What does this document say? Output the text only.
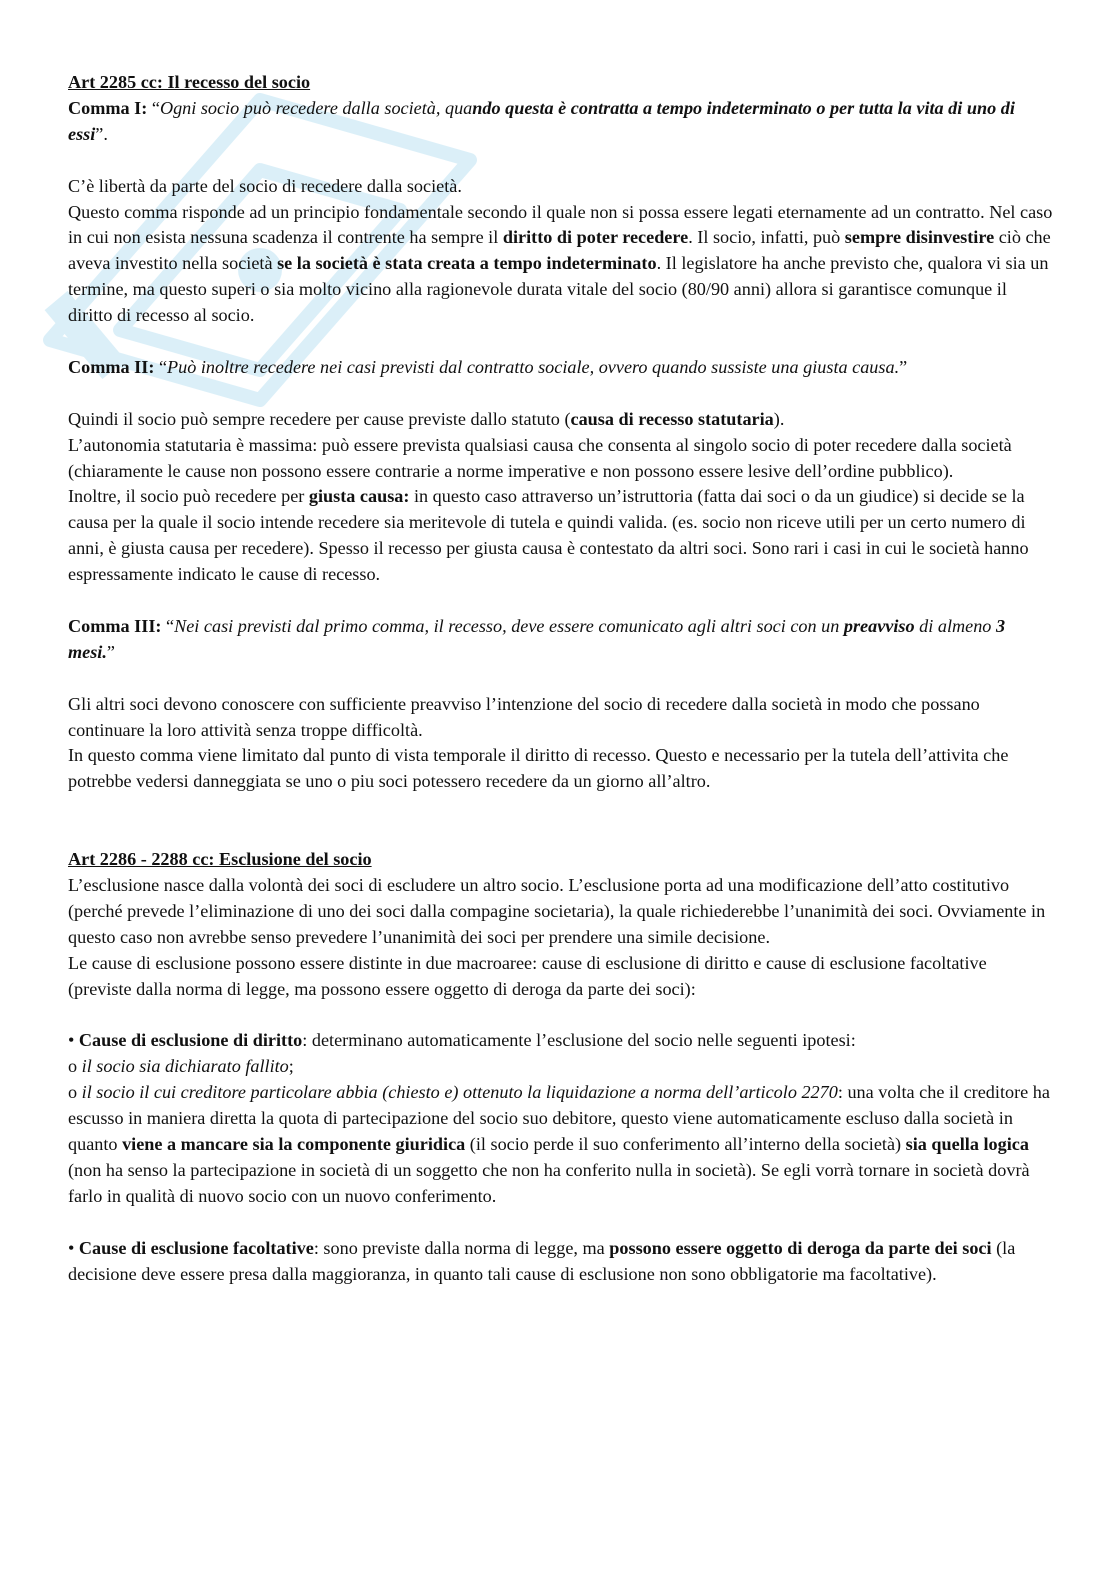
Art 2285 cc: Il recesso del socio

Comma I: “Ogni socio può recedere dalla società, quando questa è contratta a tempo indeterminato o per tutta la vita di uno di essi”.

C’è libertà da parte del socio di recedere dalla società.

Questo comma risponde ad un principio fondamentale secondo il quale non si possa essere legati eternamente ad un contratto. Nel caso in cui non esista nessuna scadenza il contrente ha sempre il diritto di poter recedere. Il socio, infatti, può sempre disinvestire ciò che aveva investito nella società se la società è stata creata a tempo indeterminato. Il legislatore ha anche previsto che, qualora vi sia un termine, ma questo superi o sia molto vicino alla ragionevole durata vitale del socio (80/90 anni) allora si garantisce comunque il diritto di recesso al socio.

Comma II: “Può inoltre recedere nei casi previsti dal contratto sociale, ovvero quando sussiste una giusta causa.”

Quindi il socio può sempre recedere per cause previste dallo statuto (causa di recesso statutaria).

L’autonomia statutaria è massima: può essere prevista qualsiasi causa che consenta al singolo socio di poter recedere dalla società (chiaramente le cause non possono essere contrarie a norme imperative e non possono essere lesive dell’ordine pubblico).

Inoltre, il socio può recedere per giusta causa: in questo caso attraverso un’istruttoria (fatta dai soci o da un giudice) si decide se la causa per la quale il socio intende recedere sia meritevole di tutela e quindi valida. (es. socio non riceve utili per un certo numero di anni, è giusta causa per recedere). Spesso il recesso per giusta causa è contestato da altri soci. Sono rari i casi in cui le società hanno espressamente indicato le cause di recesso.

Comma III: “Nei casi previsti dal primo comma, il recesso, deve essere comunicato agli altri soci con un preavviso di almeno 3 mesi.”

Gli altri soci devono conoscere con sufficiente preavviso l’intenzione del socio di recedere dalla società in modo che possano continuare la loro attività senza troppe difficoltà.

In questo comma viene limitato dal punto di vista temporale il diritto di recesso. Questo e necessario per la tutela dell’attivita che potrebbe vedersi danneggiata se uno o piu soci potessero recedere da un giorno all’altro.

Art 2286 - 2288 cc: Esclusione del socio

L’esclusione nasce dalla volontà dei soci di escludere un altro socio. L’esclusione porta ad una modificazione dell’atto costitutivo (perché prevede l’eliminazione di uno dei soci dalla compagine societaria), la quale richiederebbe l’unanimità dei soci. Ovviamente in questo caso non avrebbe senso prevedere l’unanimità dei soci per prendere una simile decisione.

Le cause di esclusione possono essere distinte in due macroaree: cause di esclusione di diritto e cause di esclusione facoltative (previste dalla norma di legge, ma possono essere oggetto di deroga da parte dei soci):

• Cause di esclusione di diritto: determinano automaticamente l’esclusione del socio nelle seguenti ipotesi:

o il socio sia dichiarato fallito;

o il socio il cui creditore particolare abbia (chiesto e) ottenuto la liquidazione a norma dell’articolo 2270: una volta che il creditore ha escusso in maniera diretta la quota di partecipazione del socio suo debitore, questo viene automaticamente escluso dalla società in quanto viene a mancare sia la componente giuridica (il socio perde il suo conferimento all’interno della società) sia quella logica (non ha senso la partecipazione in società di un soggetto che non ha conferito nulla in società). Se egli vorrà tornare in società dovrà farlo in qualità di nuovo socio con un nuovo conferimento.

• Cause di esclusione facoltative: sono previste dalla norma di legge, ma possono essere oggetto di deroga da parte dei soci (la decisione deve essere presa dalla maggioranza, in quanto tali cause di esclusione non sono obbligatorie ma facoltative).
